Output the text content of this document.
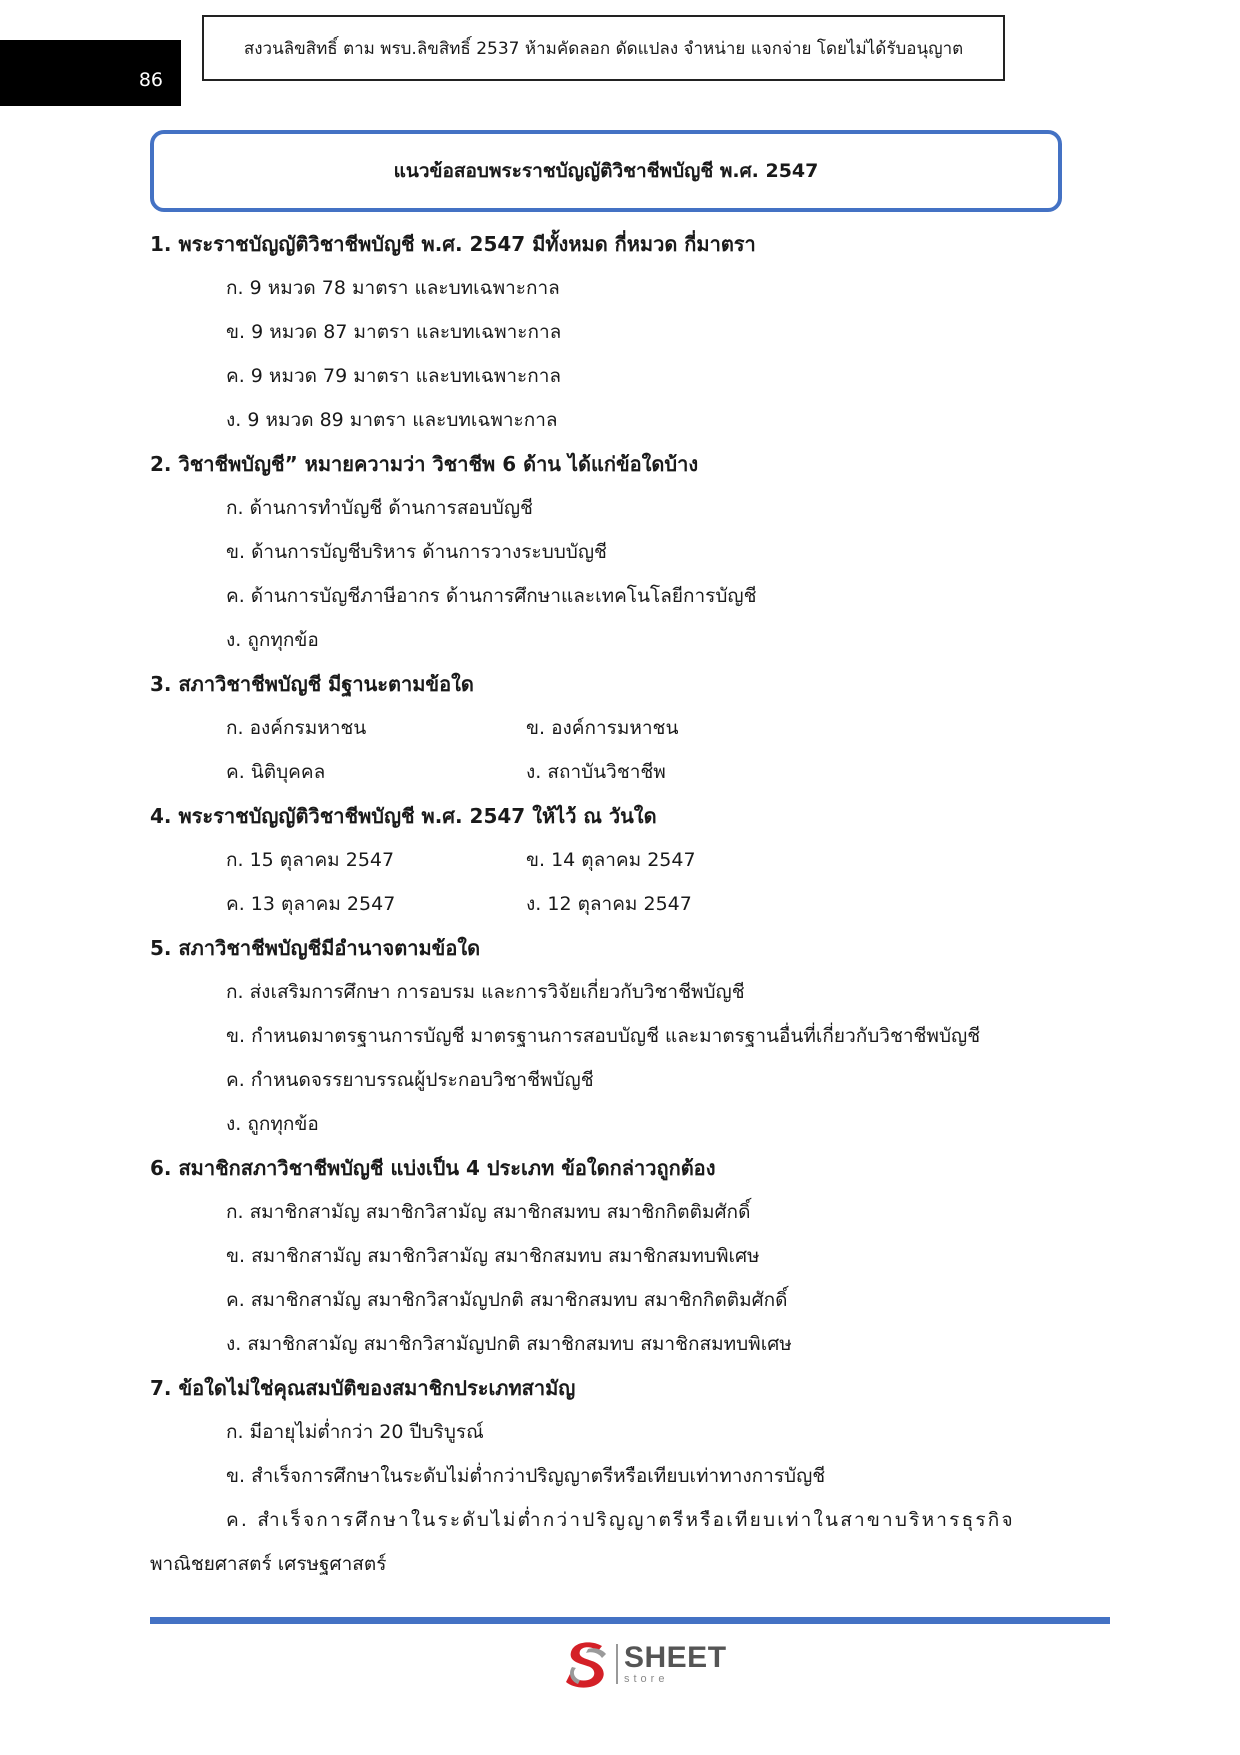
86
สงวนลิขสิทธิ์ ตาม พรบ.ลิขสิทธิ์ 2537 ห้ามคัดลอก ดัดแปลง จำหน่าย แจกจ่าย โดยไม่ได้รับอนุญาต
แนวข้อสอบพระราชบัญญัติวิชาชีพบัญชี พ.ศ. 2547
1. พระราชบัญญัติวิชาชีพบัญชี พ.ศ. 2547 มีทั้งหมด กี่หมวด กี่มาตรา
ก. 9 หมวด 78 มาตรา และบทเฉพาะกาล
ข. 9 หมวด 87 มาตรา และบทเฉพาะกาล
ค. 9 หมวด 79 มาตรา และบทเฉพาะกาล
ง. 9 หมวด 89 มาตรา และบทเฉพาะกาล
2. วิชาชีพบัญชี” หมายความว่า วิชาชีพ 6 ด้าน ได้แก่ข้อใดบ้าง
ก. ด้านการทำบัญชี ด้านการสอบบัญชี
ข. ด้านการบัญชีบริหาร ด้านการวางระบบบัญชี
ค. ด้านการบัญชีภาษีอากร ด้านการศึกษาและเทคโนโลยีการบัญชี
ง. ถูกทุกข้อ
3. สภาวิชาชีพบัญชี มีฐานะตามข้อใด
ก. องค์กรมหาชน	ข. องค์การมหาชน
ค. นิติบุคคล	ง. สถาบันวิชาชีพ
4. พระราชบัญญัติวิชาชีพบัญชี พ.ศ. 2547 ให้ไว้ ณ วันใด
ก. 15 ตุลาคม 2547	ข. 14 ตุลาคม 2547
ค. 13 ตุลาคม 2547	ง. 12 ตุลาคม 2547
5. สภาวิชาชีพบัญชีมีอำนาจตามข้อใด
ก. ส่งเสริมการศึกษา การอบรม และการวิจัยเกี่ยวกับวิชาชีพบัญชี
ข. กำหนดมาตรฐานการบัญชี มาตรฐานการสอบบัญชี และมาตรฐานอื่นที่เกี่ยวกับวิชาชีพบัญชี
ค. กำหนดจรรยาบรรณผู้ประกอบวิชาชีพบัญชี
ง. ถูกทุกข้อ
6. สมาชิกสภาวิชาชีพบัญชี แบ่งเป็น 4 ประเภท ข้อใดกล่าวถูกต้อง
ก. สมาชิกสามัญ สมาชิกวิสามัญ สมาชิกสมทบ สมาชิกกิตติมศักดิ์
ข. สมาชิกสามัญ สมาชิกวิสามัญ สมาชิกสมทบ สมาชิกสมทบพิเศษ
ค. สมาชิกสามัญ สมาชิกวิสามัญปกติ สมาชิกสมทบ สมาชิกกิตติมศักดิ์
ง. สมาชิกสามัญ สมาชิกวิสามัญปกติ สมาชิกสมทบ สมาชิกสมทบพิเศษ
7. ข้อใดไม่ใช่คุณสมบัติของสมาชิกประเภทสามัญ
ก. มีอายุไม่ต่ำกว่า 20 ปีบริบูรณ์
ข. สำเร็จการศึกษาในระดับไม่ต่ำกว่าปริญญาตรีหรือเทียบเท่าทางการบัญชี
ค. สำเร็จการศึกษาในระดับไม่ต่ำกว่าปริญญาตรีหรือเทียบเท่าในสาขาบริหารธุรกิจ
พาณิชยศาสตร์ เศรษฐศาสตร์
SHEET
store
